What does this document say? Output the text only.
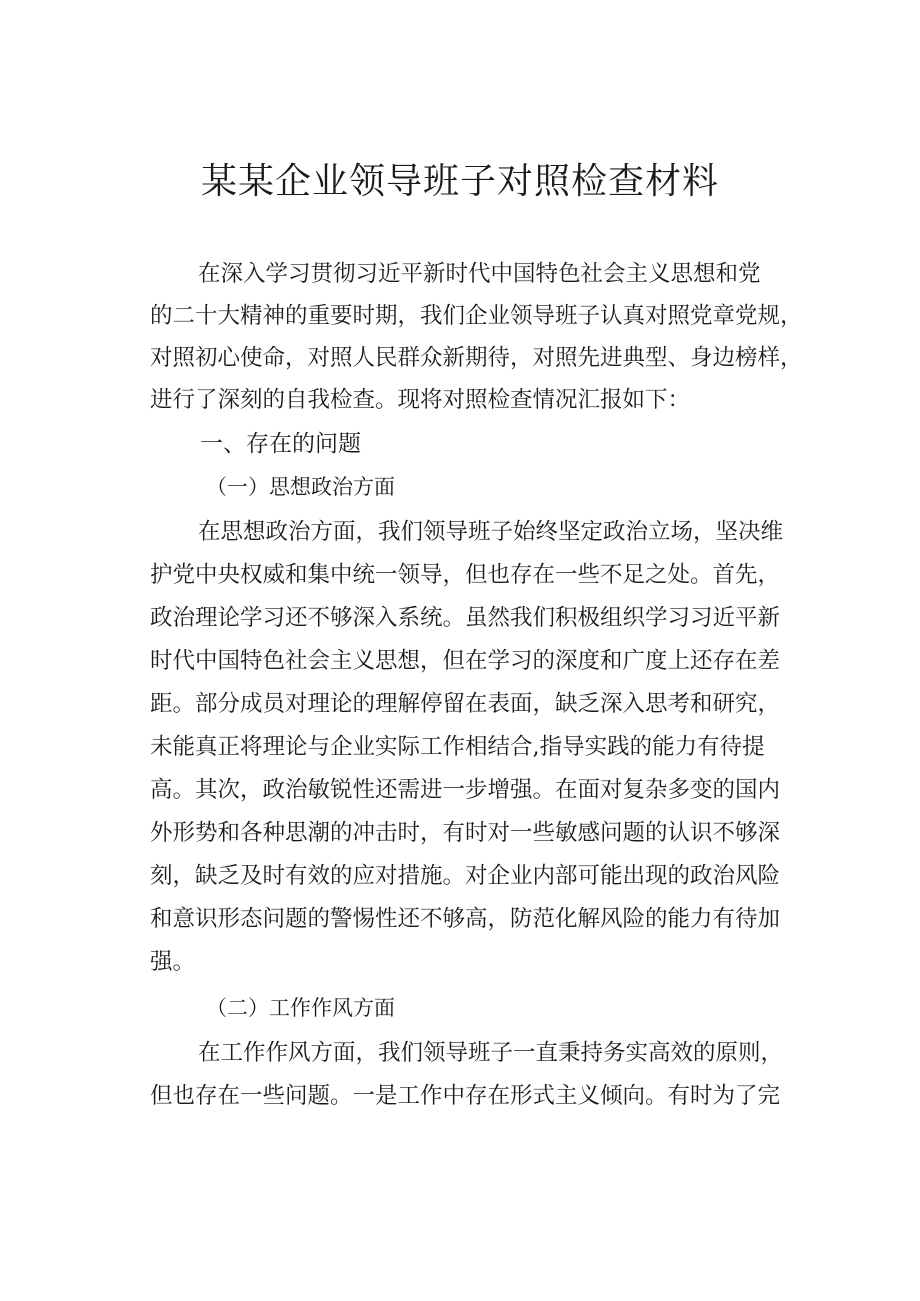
某某企业领导班子对照检查材料
在深入学习贯彻习近平新时代中国特色社会主义思想和党
的二十大精神的重要时期，我们企业领导班子认真对照党章党规，
对照初心使命，对照人民群众新期待，对照先进典型、身边榜样，
进行了深刻的自我检查。现将对照检查情况汇报如下：
一、存在的问题
（一）思想政治方面
在思想政治方面，我们领导班子始终坚定政治立场，坚决维
护党中央权威和集中统一领导，但也存在一些不足之处。首先，
政治理论学习还不够深入系统。虽然我们积极组织学习习近平新
时代中国特色社会主义思想，但在学习的深度和广度上还存在差
距。部分成员对理论的理解停留在表面，缺乏深入思考和研究，
未能真正将理论与企业实际工作相结合,指导实践的能力有待提
高。其次，政治敏锐性还需进一步增强。在面对复杂多变的国内
外形势和各种思潮的冲击时，有时对一些敏感问题的认识不够深
刻，缺乏及时有效的应对措施。对企业内部可能出现的政治风险
和意识形态问题的警惕性还不够高，防范化解风险的能力有待加
强。
（二）工作作风方面
在工作作风方面，我们领导班子一直秉持务实高效的原则，
但也存在一些问题。一是工作中存在形式主义倾向。有时为了完
